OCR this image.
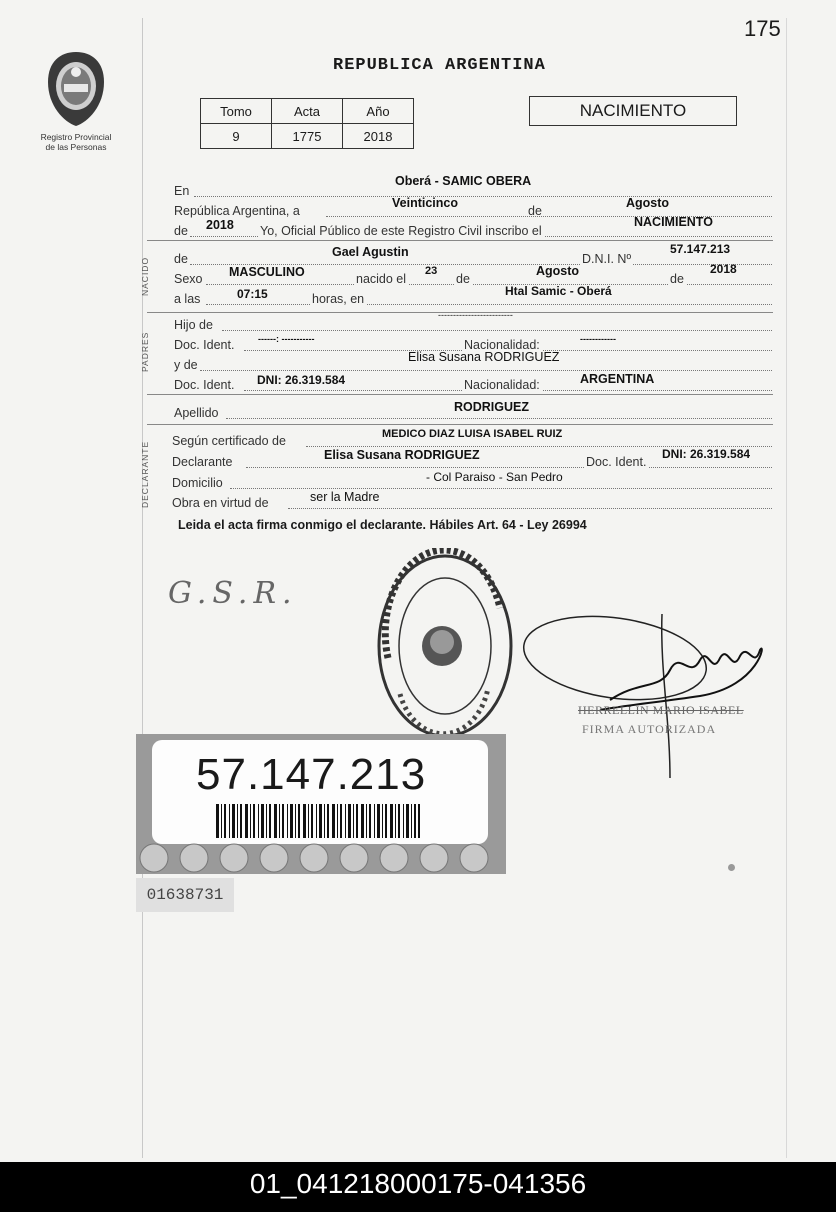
175
Registro Provincial
de las Personas
REPUBLICA ARGENTINA
Tomo	Acta	Año
9	1775	2018
NACIMIENTO
En
Oberá - SAMIC OBERA
República Argentina, a
Veinticinco
de
Agosto
de 2018 Yo, Oficial Público de este Registro Civil inscribo el
NACIMIENTO
NACIDO de	Gael Agustin	D.N.I. Nº
57.147.213
Sexo MASCULINO	nacido el
23
de
Agosto
de
2018
a las	07:15	horas, en
Htal Samic - Oberá
PADRES
Hijo de
-------------------------
Doc. Ident.	------: -----------	Nacionalidad:	------------
y de
Elisa Susana RODRIGUEZ
Doc. Ident. DNI: 26.319.584	Nacionalidad:	ARGENTINA
Apellido	RODRIGUEZ
DECLARANTE Según certificado de	MEDICO DIAZ LUISA ISABEL RUIZ
Declarante	Elisa Susana RODRIGUEZ	Doc. Ident.
DNI: 26.319.584
Domicilio	- Col Paraiso - San Pedro
Obra en virtud de	ser la Madre
Leida el acta firma conmigo el declarante. Hábiles Art. 64 - Ley 26994
G.S.R.
HERRELLIN MARIO ISABEL
FIRMA AUTORIZADA
57.147.213
01638731
01_041218000175-041356
